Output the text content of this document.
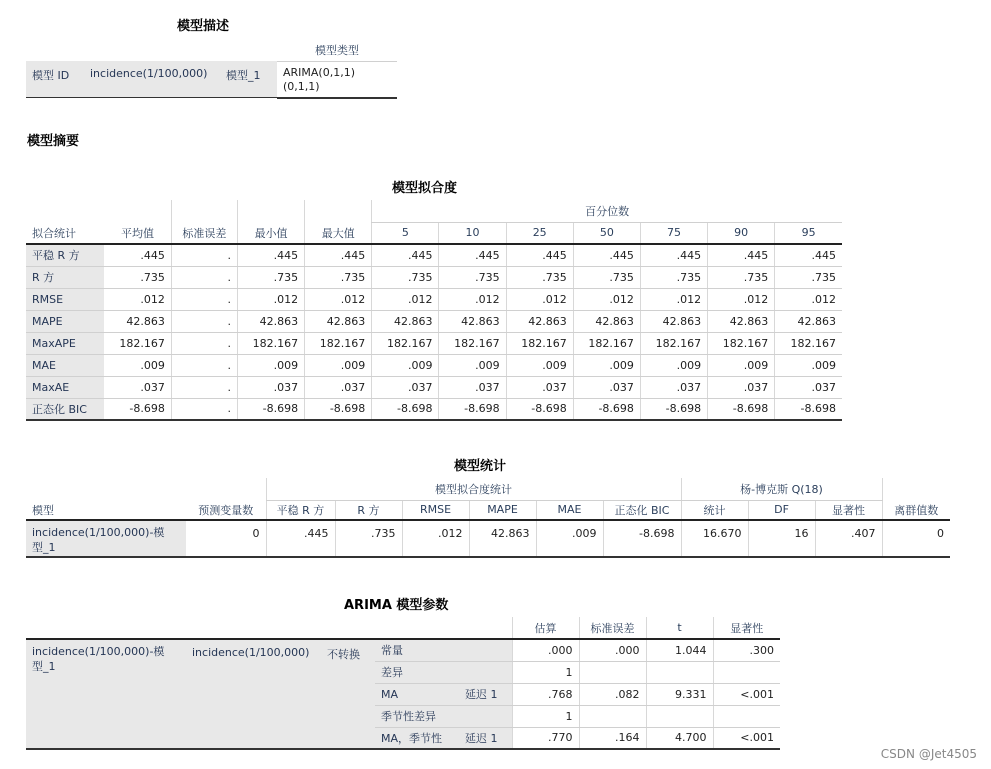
模型描述
			模型类型
模型 ID	incidence(1/100,000)	模型_1	ARIMA(0,1,1)
(0,1,1)
模型摘要
模型拟合度
					百分位数						
拟合统计	平均值	标准误差	最小值	最大值	5	10	25	50	75	90	95
平稳 R 方	.445	.	.445	.445	.445	.445	.445	.445	.445	.445	.445
R 方	.735	.	.735	.735	.735	.735	.735	.735	.735	.735	.735
RMSE	.012	.	.012	.012	.012	.012	.012	.012	.012	.012	.012
MAPE	42.863	.	42.863	42.863	42.863	42.863	42.863	42.863	42.863	42.863	42.863
MaxAPE	182.167	.	182.167	182.167	182.167	182.167	182.167	182.167	182.167	182.167	182.167
MAE	.009	.	.009	.009	.009	.009	.009	.009	.009	.009	.009
MaxAE	.037	.	.037	.037	.037	.037	.037	.037	.037	.037	.037
正态化 BIC	-8.698	.	-8.698	-8.698	-8.698	-8.698	-8.698	-8.698	-8.698	-8.698	-8.698
模型统计
		模型拟合度统计						杨-博克斯 Q(18)			
模型	预测变量数	平稳 R 方	R 方	RMSE	MAPE	MAE	正态化 BIC	统计	DF	显著性	离群值数

incidence(1/100,000)-模
型_1	0	.445	.735	.012	42.863	.009	-8.698	16.670	16	.407	0
ARIMA 模型参数
					估算	标准误差	t	显著性

incidence(1/100,000)-模
型_1	incidence(1/100,000)	不转换	常量		.000	.000	1.044	.300
			差异		1			
			MA	延迟 1	.768	.082	9.331	<.001
			季节性差异		1			
			MA，季节性	延迟 1	.770	.164	4.700	<.001
CSDN @Jet4505
